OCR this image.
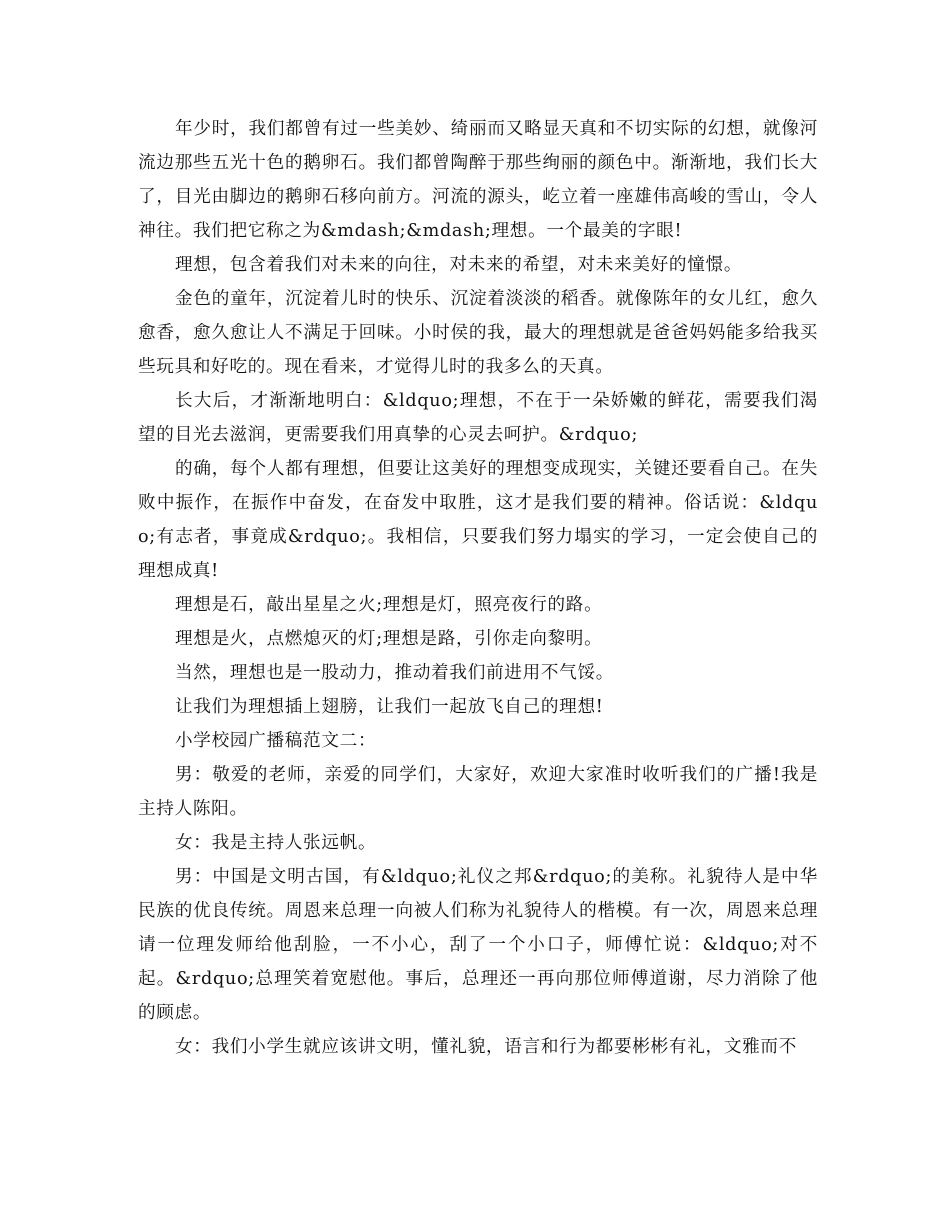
年少时，我们都曾有过一些美妙、绮丽而又略显天真和不切实际的幻想，就像河流边那些五光十色的鹅卵石。我们都曾陶醉于那些绚丽的颜色中。渐渐地，我们长大了，目光由脚边的鹅卵石移向前方。河流的源头，屹立着一座雄伟高峻的雪山，令人神往。我们把它称之为&mdash;&mdash;理想。一个最美的字眼!

理想，包含着我们对未来的向往，对未来的希望，对未来美好的憧憬。

金色的童年，沉淀着儿时的快乐、沉淀着淡淡的稻香。就像陈年的女儿红，愈久愈香，愈久愈让人不满足于回味。小时侯的我，最大的理想就是爸爸妈妈能多给我买些玩具和好吃的。现在看来，才觉得儿时的我多么的天真。

长大后，才渐渐地明白：&ldquo;理想，不在于一朵娇嫩的鲜花，需要我们渴望的目光去滋润，更需要我们用真挚的心灵去呵护。&rdquo;

的确，每个人都有理想，但要让这美好的理想变成现实，关键还要看自己。在失败中振作，在振作中奋发，在奋发中取胜，这才是我们要的精神。俗话说：&ldquo;有志者，事竟成&rdquo;。我相信，只要我们努力塌实的学习，一定会使自己的理想成真!

理想是石，敲出星星之火;理想是灯，照亮夜行的路。

理想是火，点燃熄灭的灯;理想是路，引你走向黎明。

当然，理想也是一股动力，推动着我们前进用不气馁。

让我们为理想插上翅膀，让我们一起放飞自己的理想!

小学校园广播稿范文二：

男：敬爱的老师，亲爱的同学们，大家好，欢迎大家准时收听我们的广播!我是主持人陈阳。

女：我是主持人张远帆。

男：中国是文明古国，有&ldquo;礼仪之邦&rdquo;的美称。礼貌待人是中华民族的优良传统。周恩来总理一向被人们称为礼貌待人的楷模。有一次，周恩来总理请一位理发师给他刮脸，一不小心，刮了一个小口子，师傅忙说：&ldquo;对不起。&rdquo;总理笑着宽慰他。事后，总理还一再向那位师傅道谢，尽力消除了他的顾虑。

女：我们小学生就应该讲文明，懂礼貌，语言和行为都要彬彬有礼，文雅而不
